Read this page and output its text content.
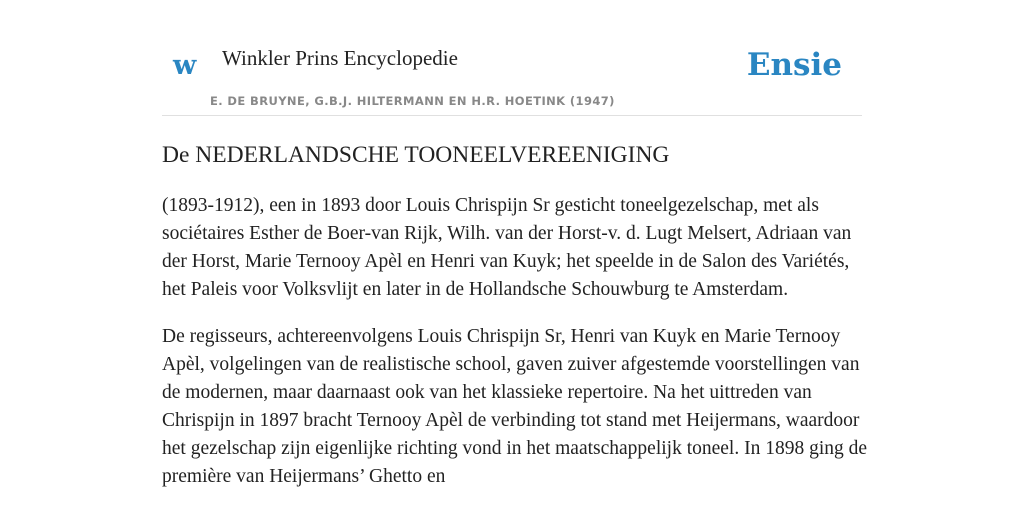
w Winkler Prins Encyclopedie
E. DE BRUYNE, G.B.J. HILTERMANN EN H.R. HOETINK (1947)
Ensie
De NEDERLANDSCHE TOONEELVEREENIGING

(1893-1912), een in 1893 door Louis Chrispijn Sr gesticht toneelgezelschap, met als sociétaires Esther de Boer-van Rijk, Wilh. van der Horst-v. d. Lugt Melsert, Adriaan van der Horst, Marie Ternooy Apèl en Henri van Kuyk; het speelde in de Salon des Variétés, het Paleis voor Volksvlijt en later in de Hollandsche Schouwburg te Amsterdam.

De regisseurs, achtereenvolgens Louis Chrispijn Sr, Henri van Kuyk en Marie Ternooy Apèl, volgelingen van de realistische school, gaven zuiver afgestemde voorstellingen van de modernen, maar daarnaast ook van het klassieke repertoire. Na het uittreden van Chrispijn in 1897 bracht Ternooy Apèl de verbinding tot stand met Heijermans, waardoor het gezelschap zijn eigenlijke richting vond in het maatschappelijk toneel. In 1898 ging de première van Heijermans’ Ghetto en
